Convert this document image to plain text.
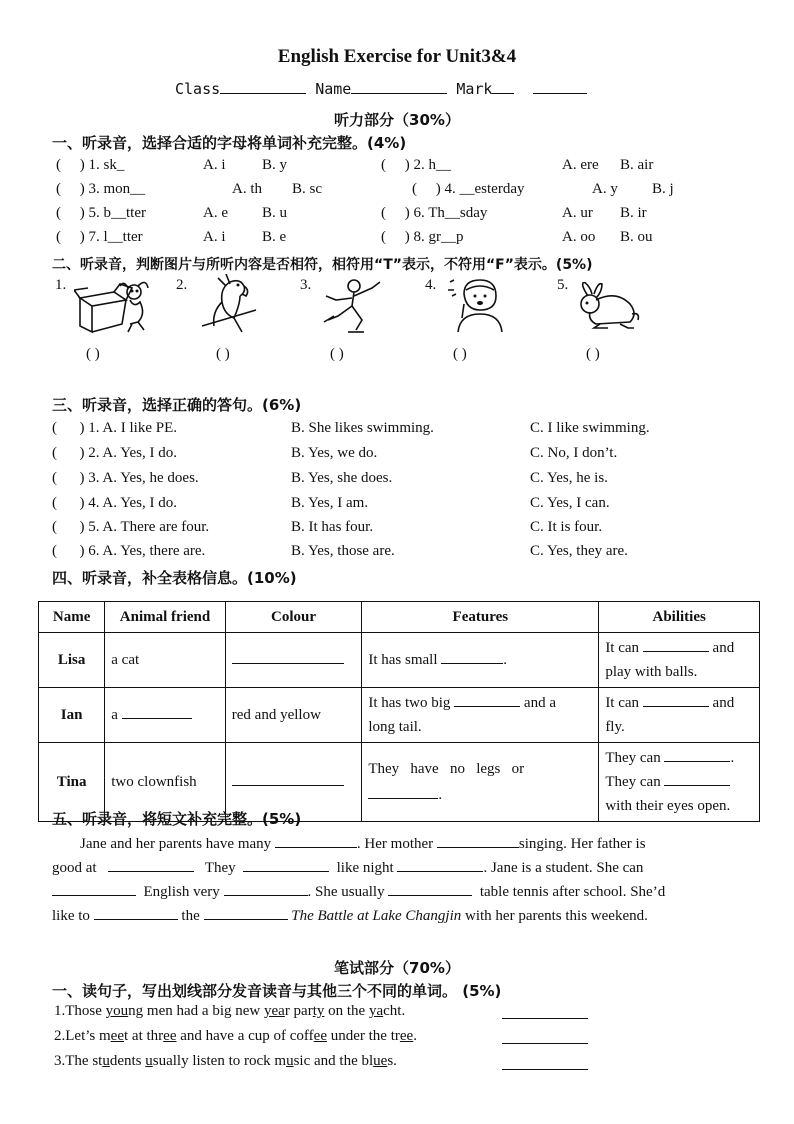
English Exercise for Unit3&4
Class	Name	Mark
听力部分（30%）
一、听录音，选择合适的字母将单词补充完整。(4%)
( ) 1. sk_	A. i B. y	( ) 2. h__	A. ere B. air
( ) 3. mon__	A. th B. sc	( ) 4. __esterday	A. y B. j
( ) 5. b__tter	A. e B. u	( ) 6. Th__sday	A. ur B. ir
( ) 7. l__tter	A. i B. e	( ) 8. gr__p	A. oo B. ou
二、听录音，判断图片与所听内容是否相符，相符用“T”表示，不符用“F”表示。(5%)
1.	2.	3.	4.	5.
( )	( )	( )	( )	( )
三、听录音，选择正确的答句。(6%)
(      ) 1. A. I like PE.	B. She likes swimming.	C. I like swimming.
(      ) 2. A. Yes, I do.	B. Yes, we do.	C. No, I don’t.
(      ) 3. A. Yes, he does.	B. Yes, she does.	C. Yes, he is.
(      ) 4. A. Yes, I do.	B. Yes, I am.	C. Yes, I can.
(      ) 5. A. There are four.	B. It has four.	C. It is four.
(      ) 6. A. Yes, there are.	B. Yes, those are.	C. Yes, they are.
四、听录音，补全表格信息。(10%)
Name	Animal friend	Colour	Features	Abilities
Lisa	a cat		It has small .	It can and
play with balls.
Ian	a	red and yellow	It has two big and a
long tail.	It can and
fly.
Tina	two clownfish		They   have   no   legs   or
.	They can .
They can
with their eyes open.
五、听录音，将短文补充完整。(5%)
Jane and her parents have many	. Her mother	singing. Her father is
good at	They	like night	. Jane is a student. She can
English very	. She usually	table tennis after school. She’d
like to	the	The Battle at Lake Changjin with her parents this weekend.
笔试部分（70%）
一、读句子，写出划线部分发音读音与其他三个不同的单词。 (5%)
1.Those young men had a big new year party on the yacht.
2.Let’s meet at three and have a cup of coffee under the tree.
3.The students usually listen to rock music and the blues.
